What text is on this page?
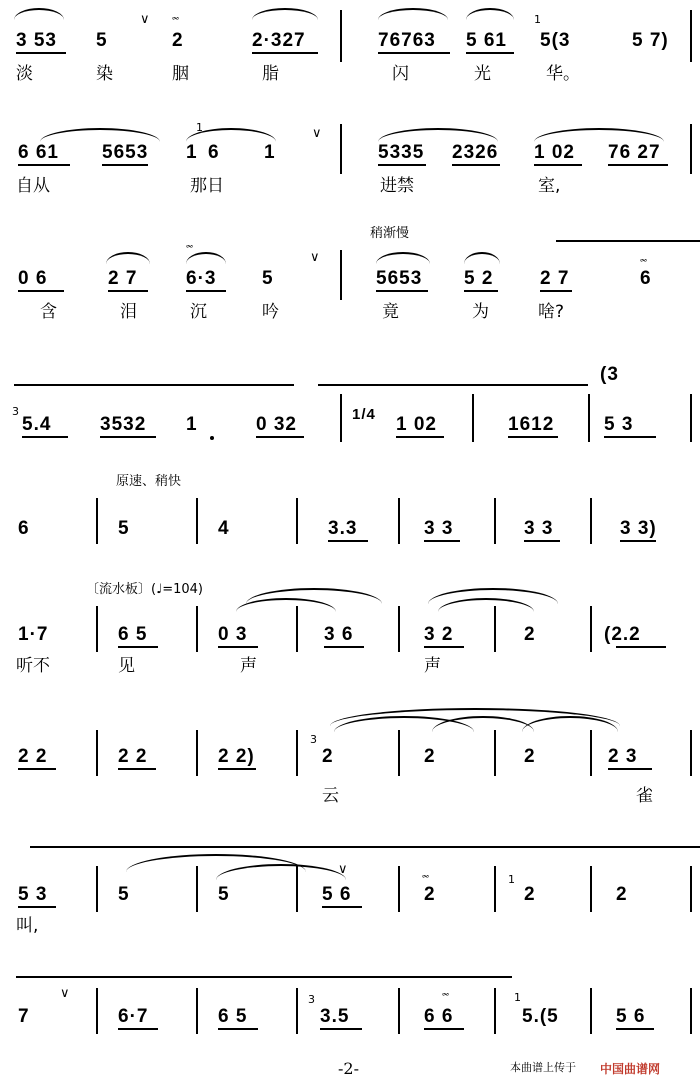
∨ 𝆗
3 53 5	2	2·327	76763 5 61
1
5(3	5 7)
淡	染	胭	脂	闪	光	华。
∨
1
6 61 5653 1 6 1	5335 2326 1 02 76 27
自从	那日	进禁	室,
稍渐慢
𝆗
∨	𝆗
0 6	2 7	6·3 5	5653 5 2 2 7	6
含	泪	沉	吟	竟	为	啥?
3
5.4	3532 1	0 32	1/4 1 02	1612	5 3
(3
原速、稍快
6	5	4	3.3	3 3	3 3	3 3)
〔流水板〕(♩=104)
1·7	6 5	0 3	3 6	3 2	2	(2.2
听不	见	声	声
2 2	2 2	2 2)
3
2	2	2	2 3
云	雀
∨	𝆗	1
5 3	5	5	5 6	2	2	2
叫,
∨	𝆗
3	1
7	6·7	6 5	3.5	6 6	5.(5	5 6
-2-	本曲谱上传于 中国曲谱网
